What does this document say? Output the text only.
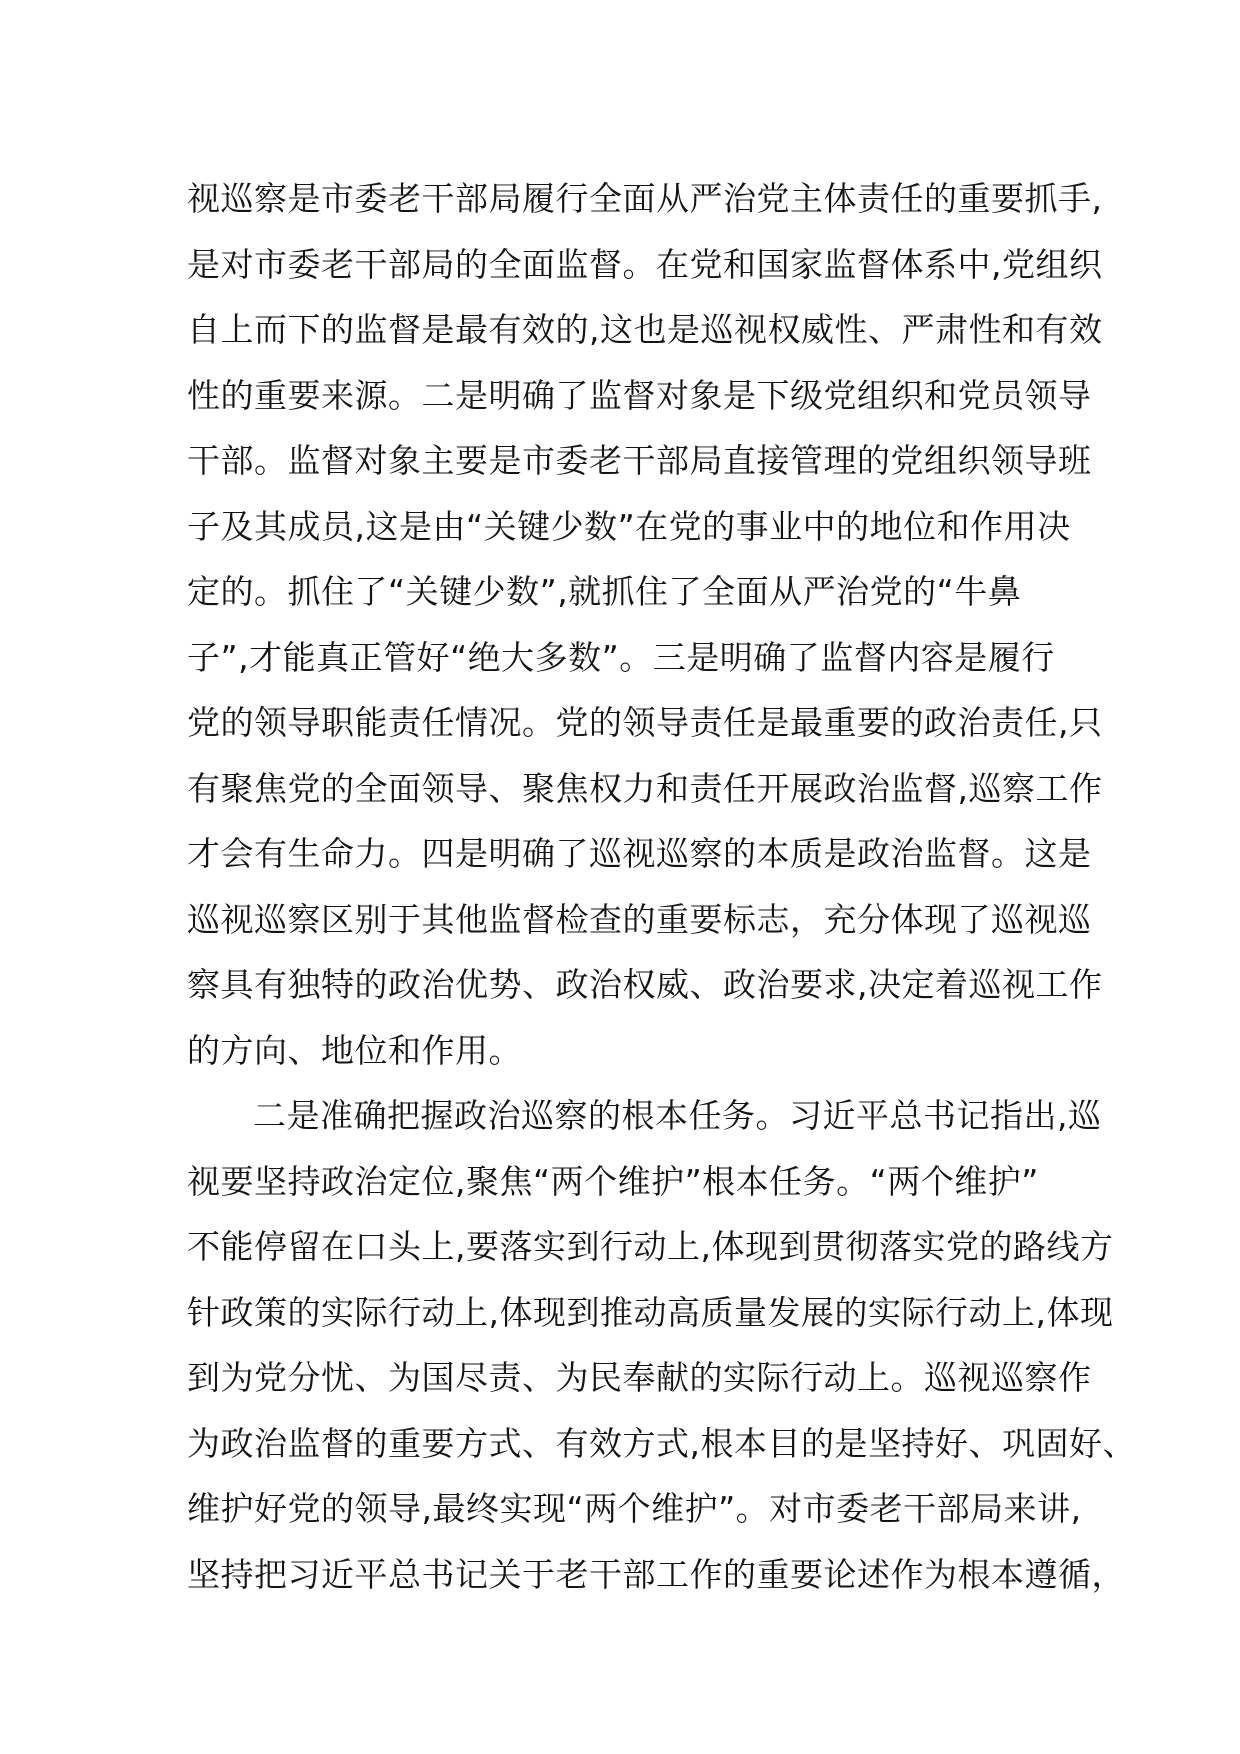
视巡察是市委老干部局履行全面从严治党主体责任的重要抓手,
是对市委老干部局的全面监督。在党和国家监督体系中,党组织
自上而下的监督是最有效的,这也是巡视权威性、严肃性和有效
性的重要来源。二是明确了监督对象是下级党组织和党员领导
干部。监督对象主要是市委老干部局直接管理的党组织领导班
子及其成员,这是由“关键少数”在党的事业中的地位和作用决
定的。抓住了“关键少数”,就抓住了全面从严治党的“牛鼻
子”,才能真正管好“绝大多数”。三是明确了监督内容是履行
党的领导职能责任情况。党的领导责任是最重要的政治责任,只
有聚焦党的全面领导、聚焦权力和责任开展政治监督,巡察工作
才会有生命力。四是明确了巡视巡察的本质是政治监督。这是
巡视巡察区别于其他监督检查的重要标志，充分体现了巡视巡
察具有独特的政治优势、政治权威、政治要求,决定着巡视工作
的方向、地位和作用。
二是准确把握政治巡察的根本任务。习近平总书记指出,巡
视要坚持政治定位,聚焦“两个维护”根本任务。“两个维护”
不能停留在口头上,要落实到行动上,体现到贯彻落实党的路线方
针政策的实际行动上,体现到推动高质量发展的实际行动上,体现
到为党分忧、为国尽责、为民奉献的实际行动上。巡视巡察作
为政治监督的重要方式、有效方式,根本目的是坚持好、巩固好、
维护好党的领导,最终实现“两个维护”。对市委老干部局来讲,
坚持把习近平总书记关于老干部工作的重要论述作为根本遵循，
